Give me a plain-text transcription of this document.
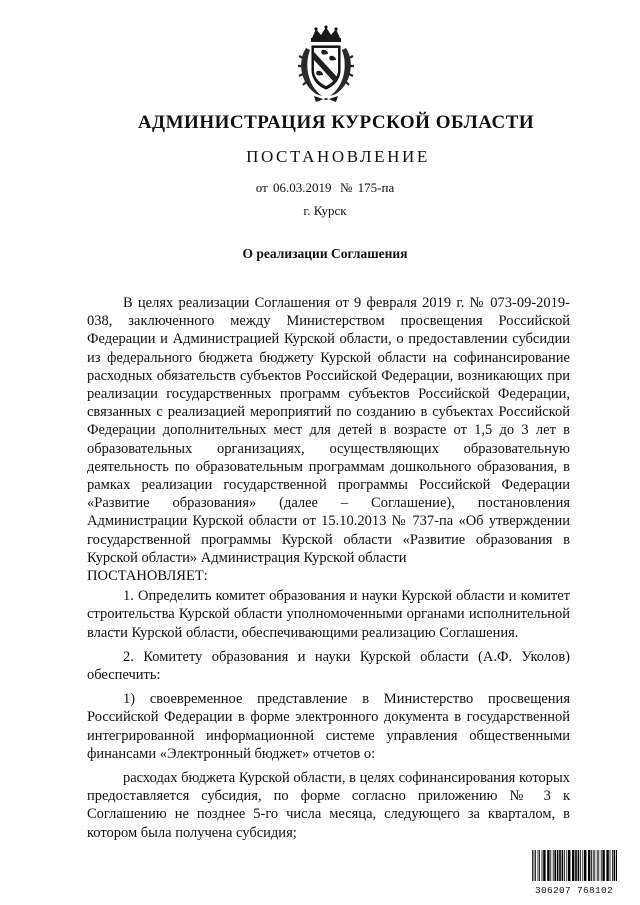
АДМИНИСТРАЦИЯ КУРСКОЙ ОБЛАСТИ
ПОСТАНОВЛЕНИЕ
от 06.03.2019 № 175-па
г. Курск
О реализации Соглашения

В целях реализации Соглашения от 9 февраля 2019 г. № 073-09-2019-038, заключенного между Министерством просвещения Российской Федерации и Администрацией Курской области, о предоставлении субсидии из федерального бюджета бюджету Курской области на софинансирование расходных обязательств субъектов Российской Федерации, возникающих при реализации государственных программ субъектов Российской Федерации, связанных с реализацией мероприятий по созданию в субъектах Российской Федерации дополнительных мест для детей в возрасте от 1,5 до 3 лет в образовательных организациях, осуществляющих образовательную деятельность по образовательным программам дошкольного образования, в рамках реализации государственной программы Российской Федерации «Развитие образования» (далее – Соглашение), постановления Администрации Курской области от 15.10.2013 № 737-па «Об утверждении государственной программы Курской области «Развитие образования в Курской области» Администрация Курской области

ПОСТАНОВЛЯЕТ:

1. Определить комитет образования и науки Курской области и комитет строительства Курской области уполномоченными органами исполнительной власти Курской области, обеспечивающими реализацию Соглашения.

2. Комитету образования и науки Курской области (А.Ф. Уколов) обеспечить:

1) своевременное представление в Министерство просвещения Российской Федерации в форме электронного документа в государственной интегрированной информационной системе управления общественными финансами «Электронный бюджет» отчетов о:

расходах бюджета Курской области, в целях софинансирования которых предоставляется субсидия, по форме согласно приложению № 3 к Соглашению не позднее 5-го числа месяца, следующего за кварталом, в котором была получена субсидия;

306207 768102
